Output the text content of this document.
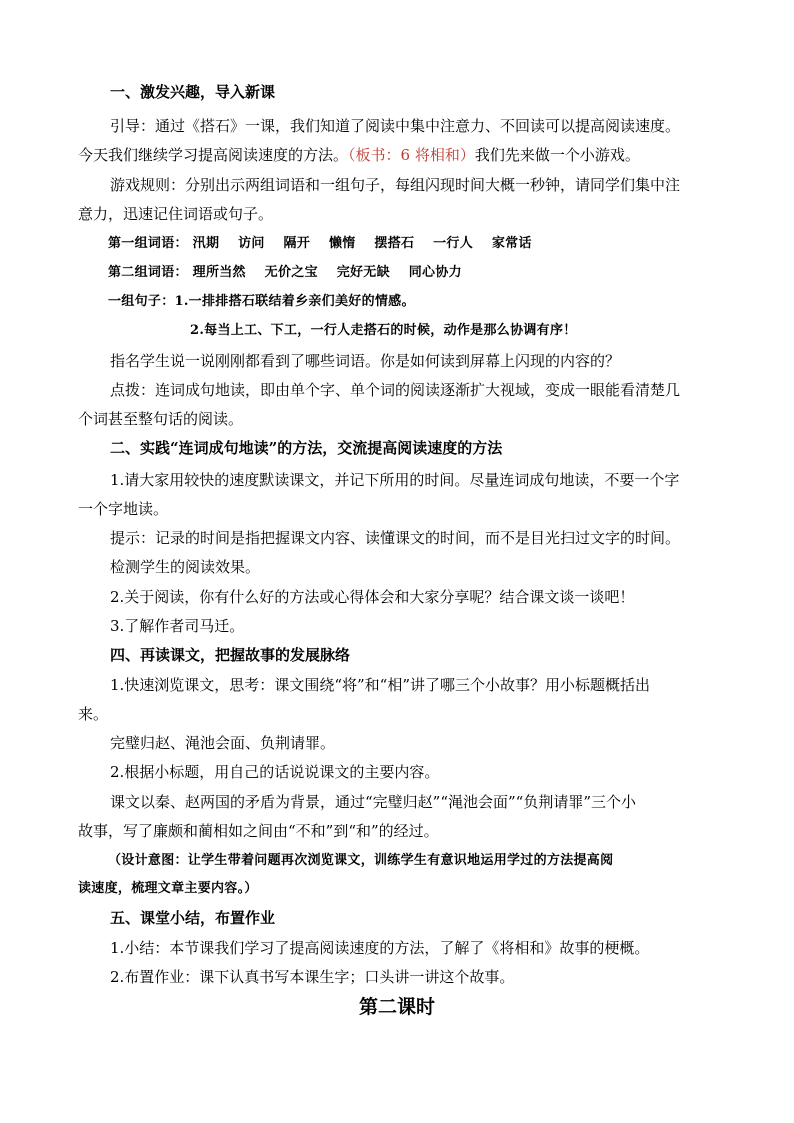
一、激发兴趣，导入新课
引导：通过《搭石》一课，我们知道了阅读中集中注意力、不回读可以提高阅读速度。
今天我们继续学习提高阅读速度的方法。（板书：6 将相和）我们先来做一个小游戏。
游戏规则：分别出示两组词语和一组句子，每组闪现时间大概一秒钟，请同学们集中注
意力，迅速记住词语或句子。
第一组词语： 汛期 访问 隔开 懒惰 摆搭石 一行人 家常话
第二组词语： 理所当然 无价之宝 完好无缺 同心协力
一组句子：1.一排排搭石联结着乡亲们美好的情感。
2.每当上工、下工，一行人走搭石的时候，动作是那么协调有序！
指名学生说一说刚刚都看到了哪些词语。你是如何读到屏幕上闪现的内容的？
点拨：连词成句地读，即由单个字、单个词的阅读逐渐扩大视域，变成一眼能看清楚几
个词甚至整句话的阅读。
二、实践“连词成句地读”的方法，交流提高阅读速度的方法
1.请大家用较快的速度默读课文，并记下所用的时间。尽量连词成句地读，不要一个字
一个字地读。
提示：记录的时间是指把握课文内容、读懂课文的时间，而不是目光扫过文字的时间。
检测学生的阅读效果。
2.关于阅读，你有什么好的方法或心得体会和大家分享呢？结合课文谈一谈吧！
3.了解作者司马迁。
四、再读课文，把握故事的发展脉络
1.快速浏览课文，思考：课文围绕“将”和“相”讲了哪三个小故事？用小标题概括出
来。
完璧归赵、渑池会面、负荆请罪。
2.根据小标题，用自己的话说说课文的主要内容。
课文以秦、赵两国的矛盾为背景，通过“完璧归赵”“渑池会面”“负荆请罪”三个小
故事，写了廉颇和蔺相如之间由“不和”到“和”的经过。
（设计意图：让学生带着问题再次浏览课文，训练学生有意识地运用学过的方法提高阅
读速度，梳理文章主要内容。）
五、课堂小结，布置作业
1.小结：本节课我们学习了提高阅读速度的方法，了解了《将相和》故事的梗概。
2.布置作业：课下认真书写本课生字；口头讲一讲这个故事。
第二课时
